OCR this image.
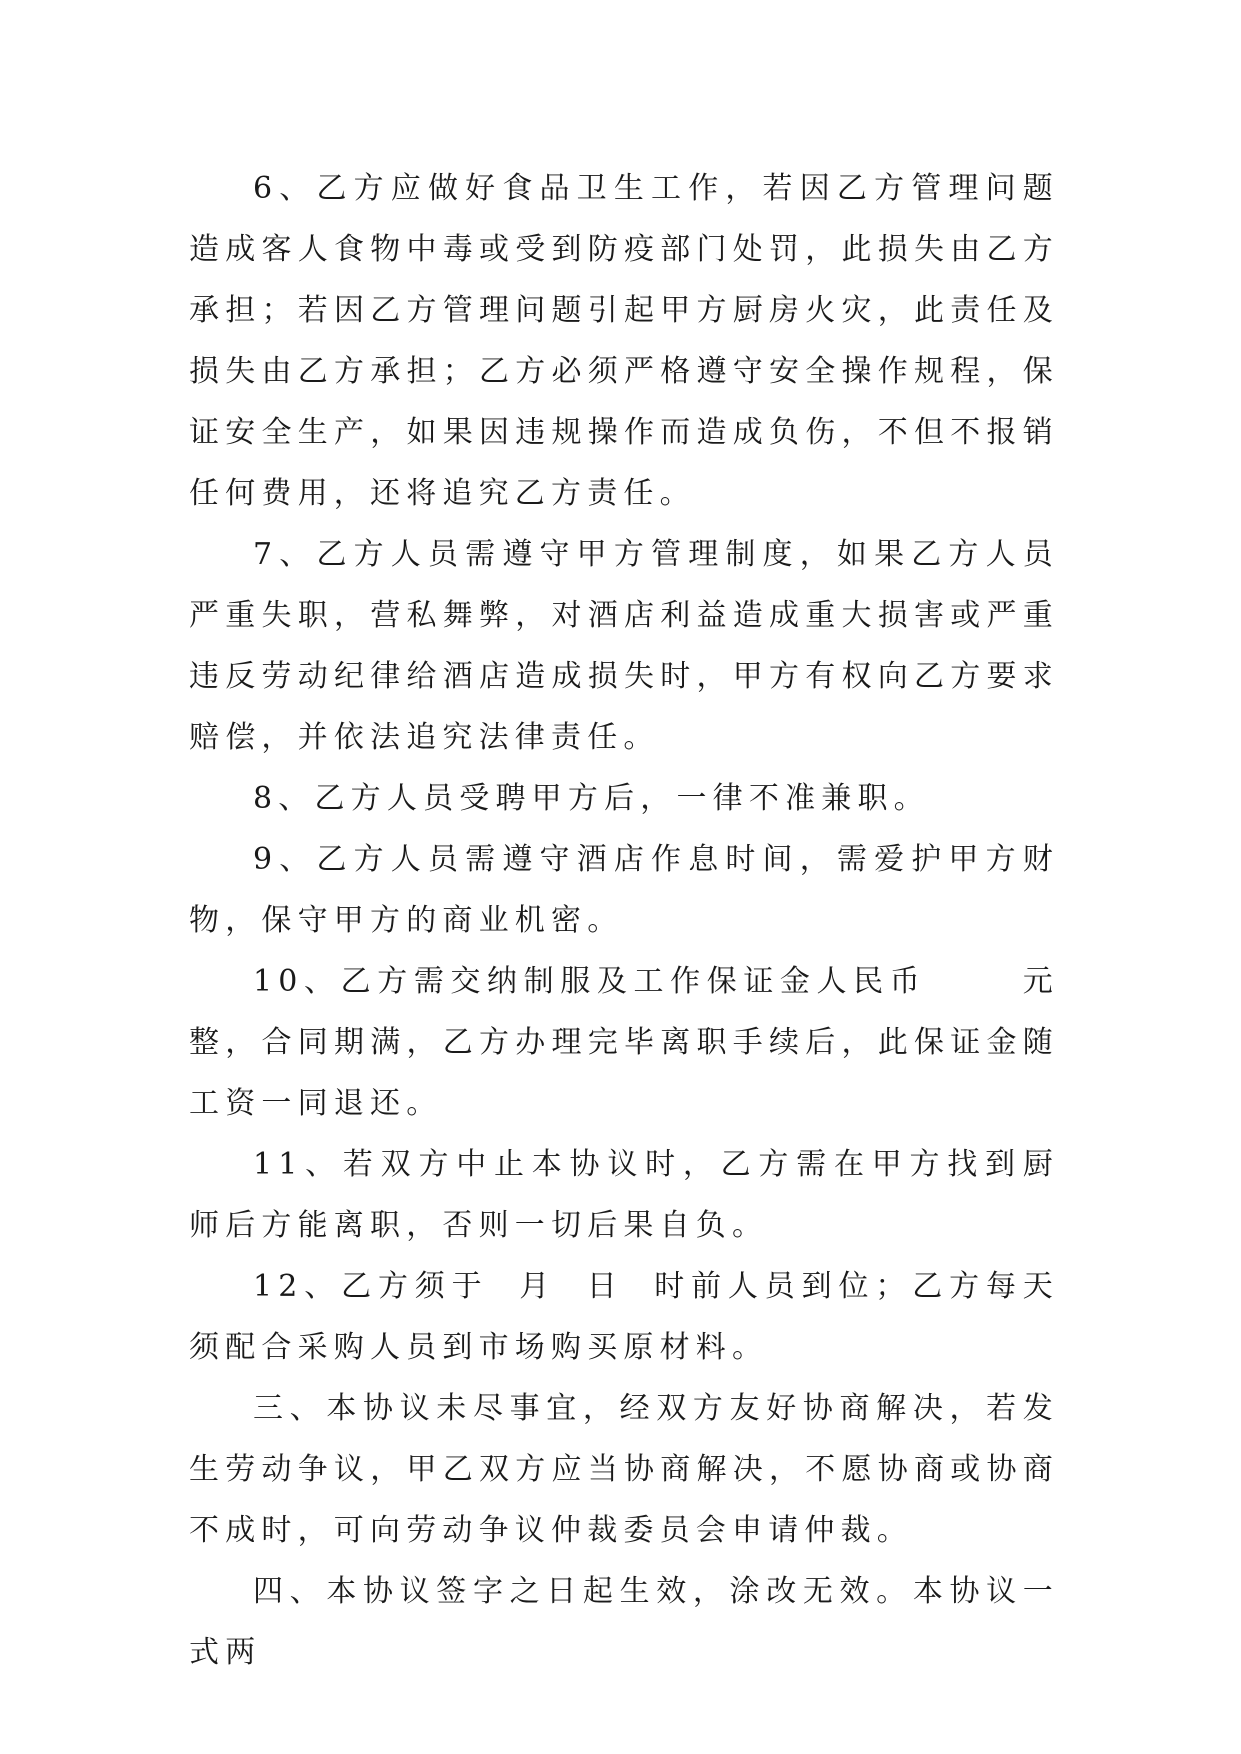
6、乙方应做好食品卫生工作，若因乙方管理问题造成客人食物中毒或受到防疫部门处罚，此损失由乙方承担；若因乙方管理问题引起甲方厨房火灾，此责任及损失由乙方承担；乙方必须严格遵守安全操作规程，保证安全生产，如果因违规操作而造成负伤，不但不报销任何费用，还将追究乙方责任。

7、乙方人员需遵守甲方管理制度，如果乙方人员严重失职，营私舞弊，对酒店利益造成重大损害或严重违反劳动纪律给酒店造成损失时，甲方有权向乙方要求赔偿，并依法追究法律责任。

8、乙方人员受聘甲方后，一律不准兼职。

9、乙方人员需遵守酒店作息时间，需爱护甲方财物，保守甲方的商业机密。

10、乙方需交纳制服及工作保证金人民币	元整，合同期满，乙方办理完毕离职手续后，此保证金随工资一同退还。

11、若双方中止本协议时，乙方需在甲方找到厨师后方能离职，否则一切后果自负。

12、乙方须于 月 日 时前人员到位；乙方每天须配合采购人员到市场购买原材料。

三、本协议未尽事宜，经双方友好协商解决，若发生劳动争议，甲乙双方应当协商解决，不愿协商或协商不成时，可向劳动争议仲裁委员会申请仲裁。

四、本协议签字之日起生效，涂改无效。本协议一式两
